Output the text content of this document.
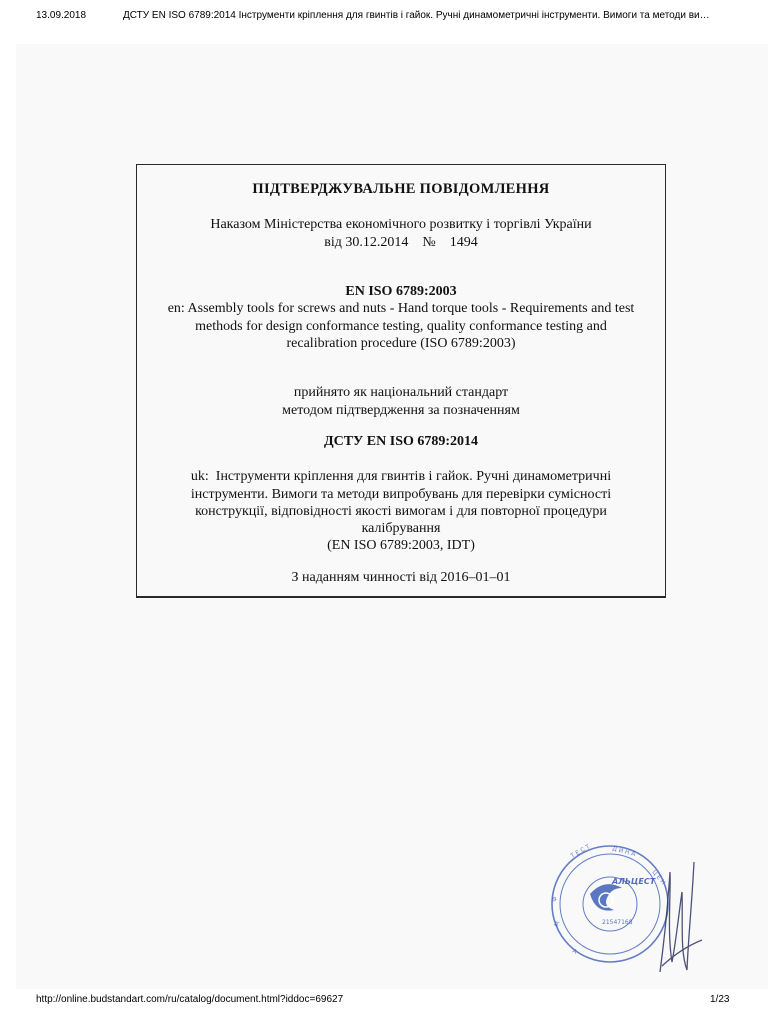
13.09.2018	ДСТУ EN ISO 6789:2014 Інструменти кріплення для гвинтів і гайок. Ручні динамометричні інструменти. Вимоги та методи ви…
ПІДТВЕРДЖУВАЛЬНЕ ПОВІДОМЛЕННЯ
Наказом Міністерства економічного розвитку і торгівлі України
від 30.12.2014    №    1494
EN ISO 6789:2003
en: Assembly tools for screws and nuts - Hand torque tools - Requirements and test
methods for design conformance testing, quality conformance testing and
recalibration procedure (ISO 6789:2003)
прийнято як національний стандарт
методом підтвердження за позначенням
ДСТУ EN ISO 6789:2014
uk:  Інструменти кріплення для гвинтів і гайок. Ручні динамометричні
інструменти. Вимоги та методи випробувань для перевірки сумісності
конструкції, відповідності якості вимогам і для повторної процедури
калібрування
(EN ISO 6789:2003, IDT)
З наданням чинності від 2016–01–01
Т Е С Т	Д И Н А
Ф
М
Ц Е Н
А
АЛЬЦЕСТ
21547168
http://online.budstandart.com/ru/catalog/document.html?iddoc=69627	1/23
